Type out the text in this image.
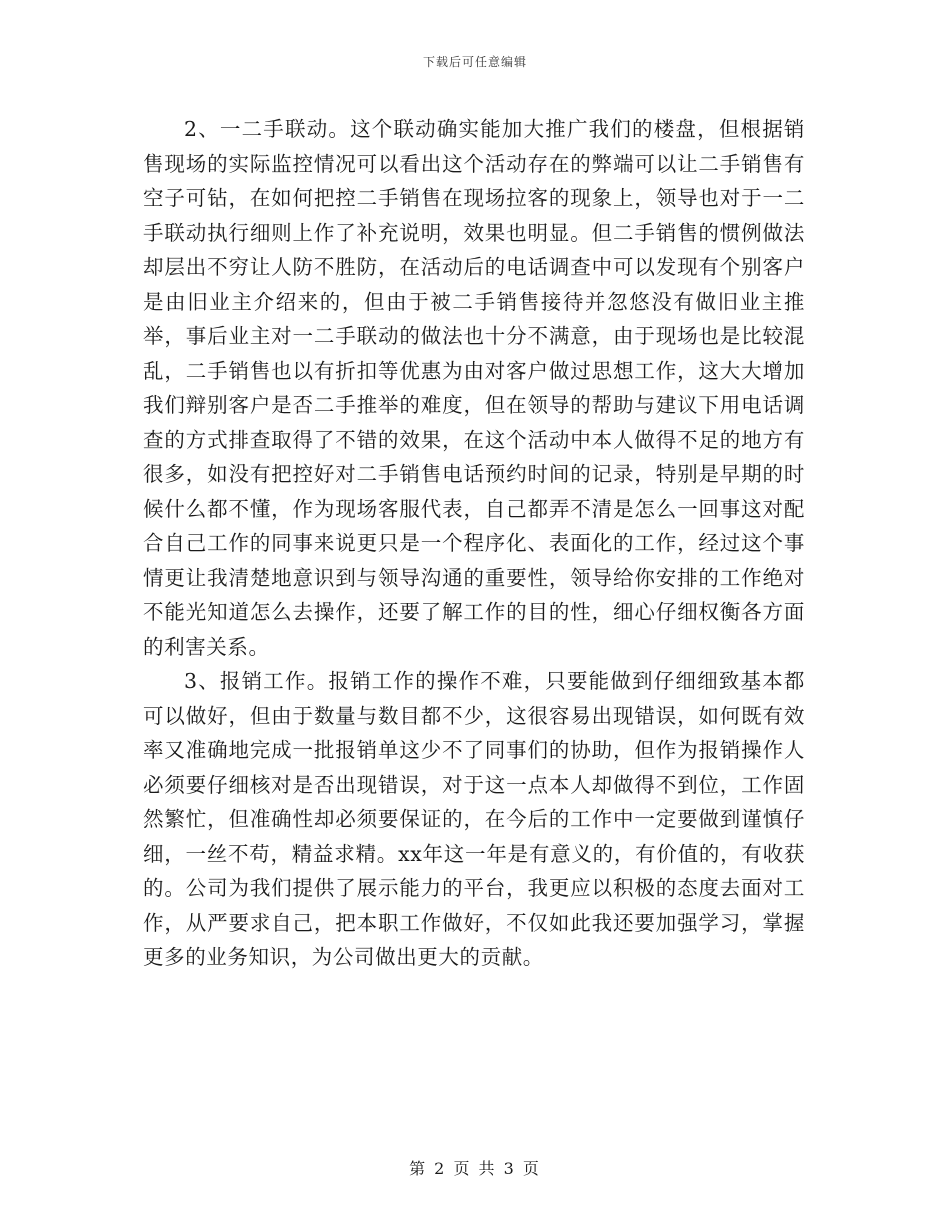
下载后可任意编辑

2、一二手联动。这个联动确实能加大推广我们的楼盘，但根据销售现场的实际监控情况可以看出这个活动存在的弊端可以让二手销售有空子可钻，在如何把控二手销售在现场拉客的现象上，领导也对于一二手联动执行细则上作了补充说明，效果也明显。但二手销售的惯例做法却层出不穷让人防不胜防，在活动后的电话调查中可以发现有个别客户是由旧业主介绍来的，但由于被二手销售接待并忽悠没有做旧业主推举，事后业主对一二手联动的做法也十分不满意，由于现场也是比较混乱，二手销售也以有折扣等优惠为由对客户做过思想工作，这大大增加我们辩别客户是否二手推举的难度，但在领导的帮助与建议下用电话调查的方式排查取得了不错的效果，在这个活动中本人做得不足的地方有很多，如没有把控好对二手销售电话预约时间的记录，特别是早期的时候什么都不懂，作为现场客服代表，自己都弄不清是怎么一回事这对配合自己工作的同事来说更只是一个程序化、表面化的工作，经过这个事情更让我清楚地意识到与领导沟通的重要性，领导给你安排的工作绝对不能光知道怎么去操作，还要了解工作的目的性，细心仔细权衡各方面的利害关系。

3、报销工作。报销工作的操作不难，只要能做到仔细细致基本都可以做好，但由于数量与数目都不少，这很容易出现错误，如何既有效率又准确地完成一批报销单这少不了同事们的协助，但作为报销操作人必须要仔细核对是否出现错误，对于这一点本人却做得不到位，工作固然繁忙，但准确性却必须要保证的，在今后的工作中一定要做到谨慎仔细，一丝不苟，精益求精。xx年这一年是有意义的，有价值的，有收获的。公司为我们提供了展示能力的平台，我更应以积极的态度去面对工作，从严要求自己，把本职工作做好，不仅如此我还要加强学习，掌握更多的业务知识，为公司做出更大的贡献。

第 2 页 共 3 页
